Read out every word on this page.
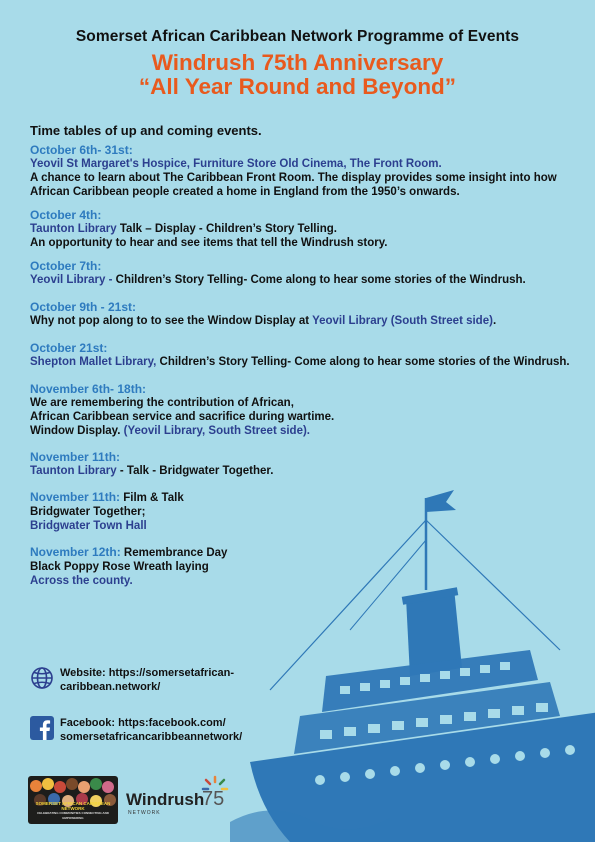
Somerset African Caribbean Network Programme of Events
Windrush 75th Anniversary
“All Year Round and Beyond”
Time tables of up and coming events.
October 6th- 31st:
Yeovil St Margaret's Hospice, Furniture Store Old Cinema, The Front Room.
A chance to learn about The Caribbean Front Room. The display provides some insight into how African Caribbean people created a home in England from the 1950’s onwards.
October 4th:
Taunton Library Talk – Display - Children’s Story Telling.
An opportunity to hear and see items that tell the Windrush story.
October 7th:
Yeovil Library - Children’s Story Telling- Come along to hear some stories of the Windrush.
October 9th - 21st:
Why not pop along to to see the Window Display at Yeovil Library (South Street side).
October 21st:
Shepton Mallet Library, Children’s Story Telling- Come along to hear some stories of the Windrush.
November 6th- 18th:
We are remembering the contribution of African,
African Caribbean service and sacrifice during wartime.
Window Display. (Yeovil Library, South Street side).
November 11th:
Taunton Library - Talk - Bridgwater Together.
November 11th: Film & Talk
Bridgwater Together;
Bridgwater Town Hall
November 12th: Remembrance Day
Black Poppy Rose Wreath laying
Across the county.
Website: https://somersetafrican-
caribbean.network/
Facebook: https:facebook.com/
somersetafricancaribbeannetwork/
SOMERSET AFRICAN CARIBBEAN NETWORK
CELEBRATING COMMUNITIES CONNECTING AND EMPOWERING
Windrush
75
NETWORK
